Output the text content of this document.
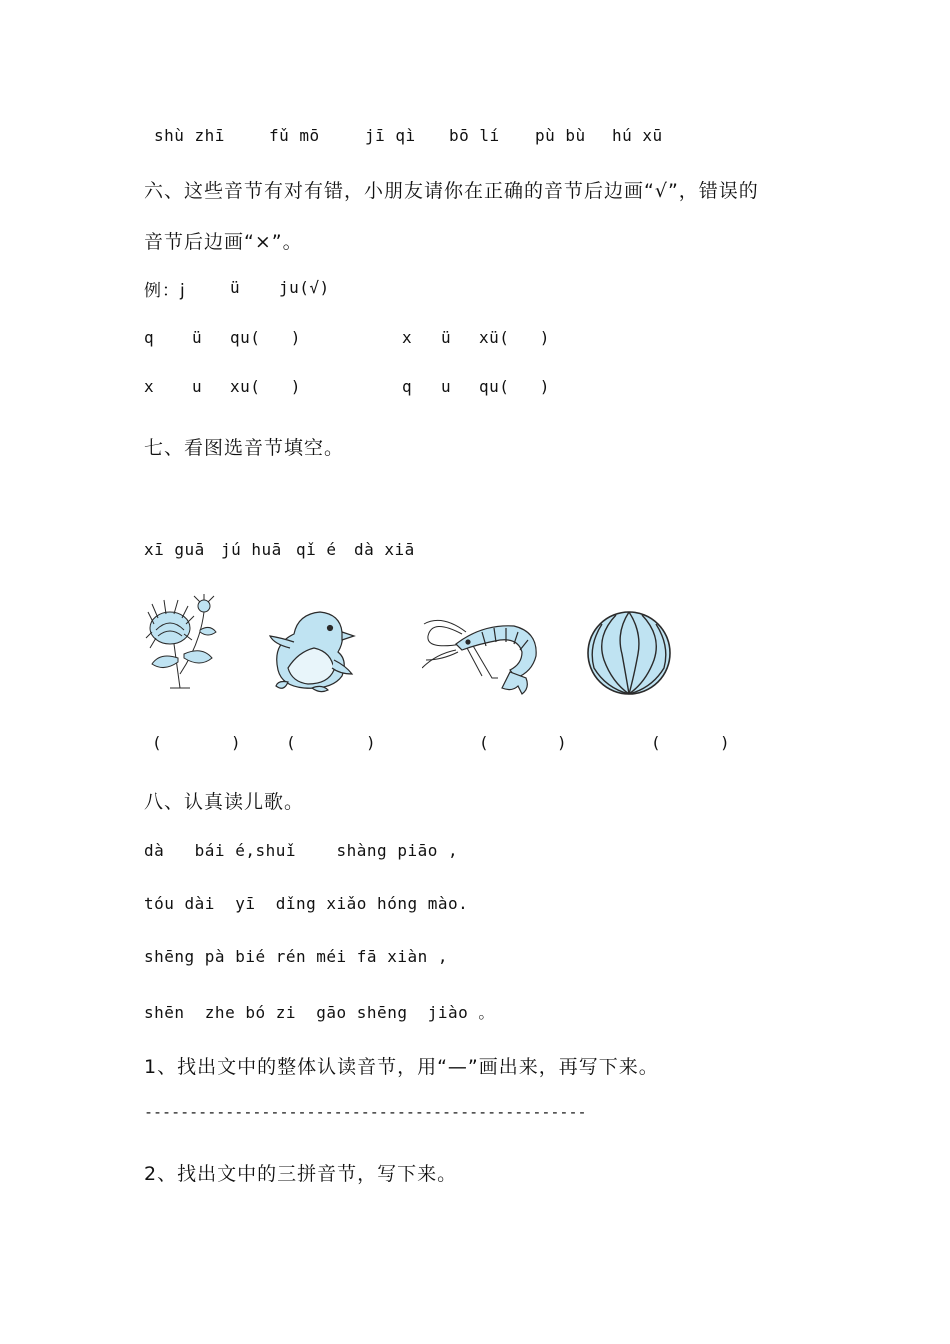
shù zhī	fǔ mō	jī qì bō lí pù bù hú xū
六、这些音节有对有错，小朋友请你在正确的音节后边画“√”，错误的
音节后边画“×”。
例：j	ü ju(√)
q ü qu(   )	x ü xü(   )
x u xu(   )	q u qu(   )
七、看图选音节填空。
xī guā jú huā qǐ é dà xiā
(	)	(	)	(	)	(	)
八、认真读儿歌。
dà   bái é,shuǐ    shàng piāo ,
tóu dài  yī  dǐng xiǎo hóng mào.
shēng pà bié rén méi fā xiàn ,
shēn  zhe bó zi  gāo shēng  jiào 。
1、找出文中的整体认读音节，用“—”画出来，再写下来。
-------------------------------------------------
2、找出文中的三拼音节，写下来。
